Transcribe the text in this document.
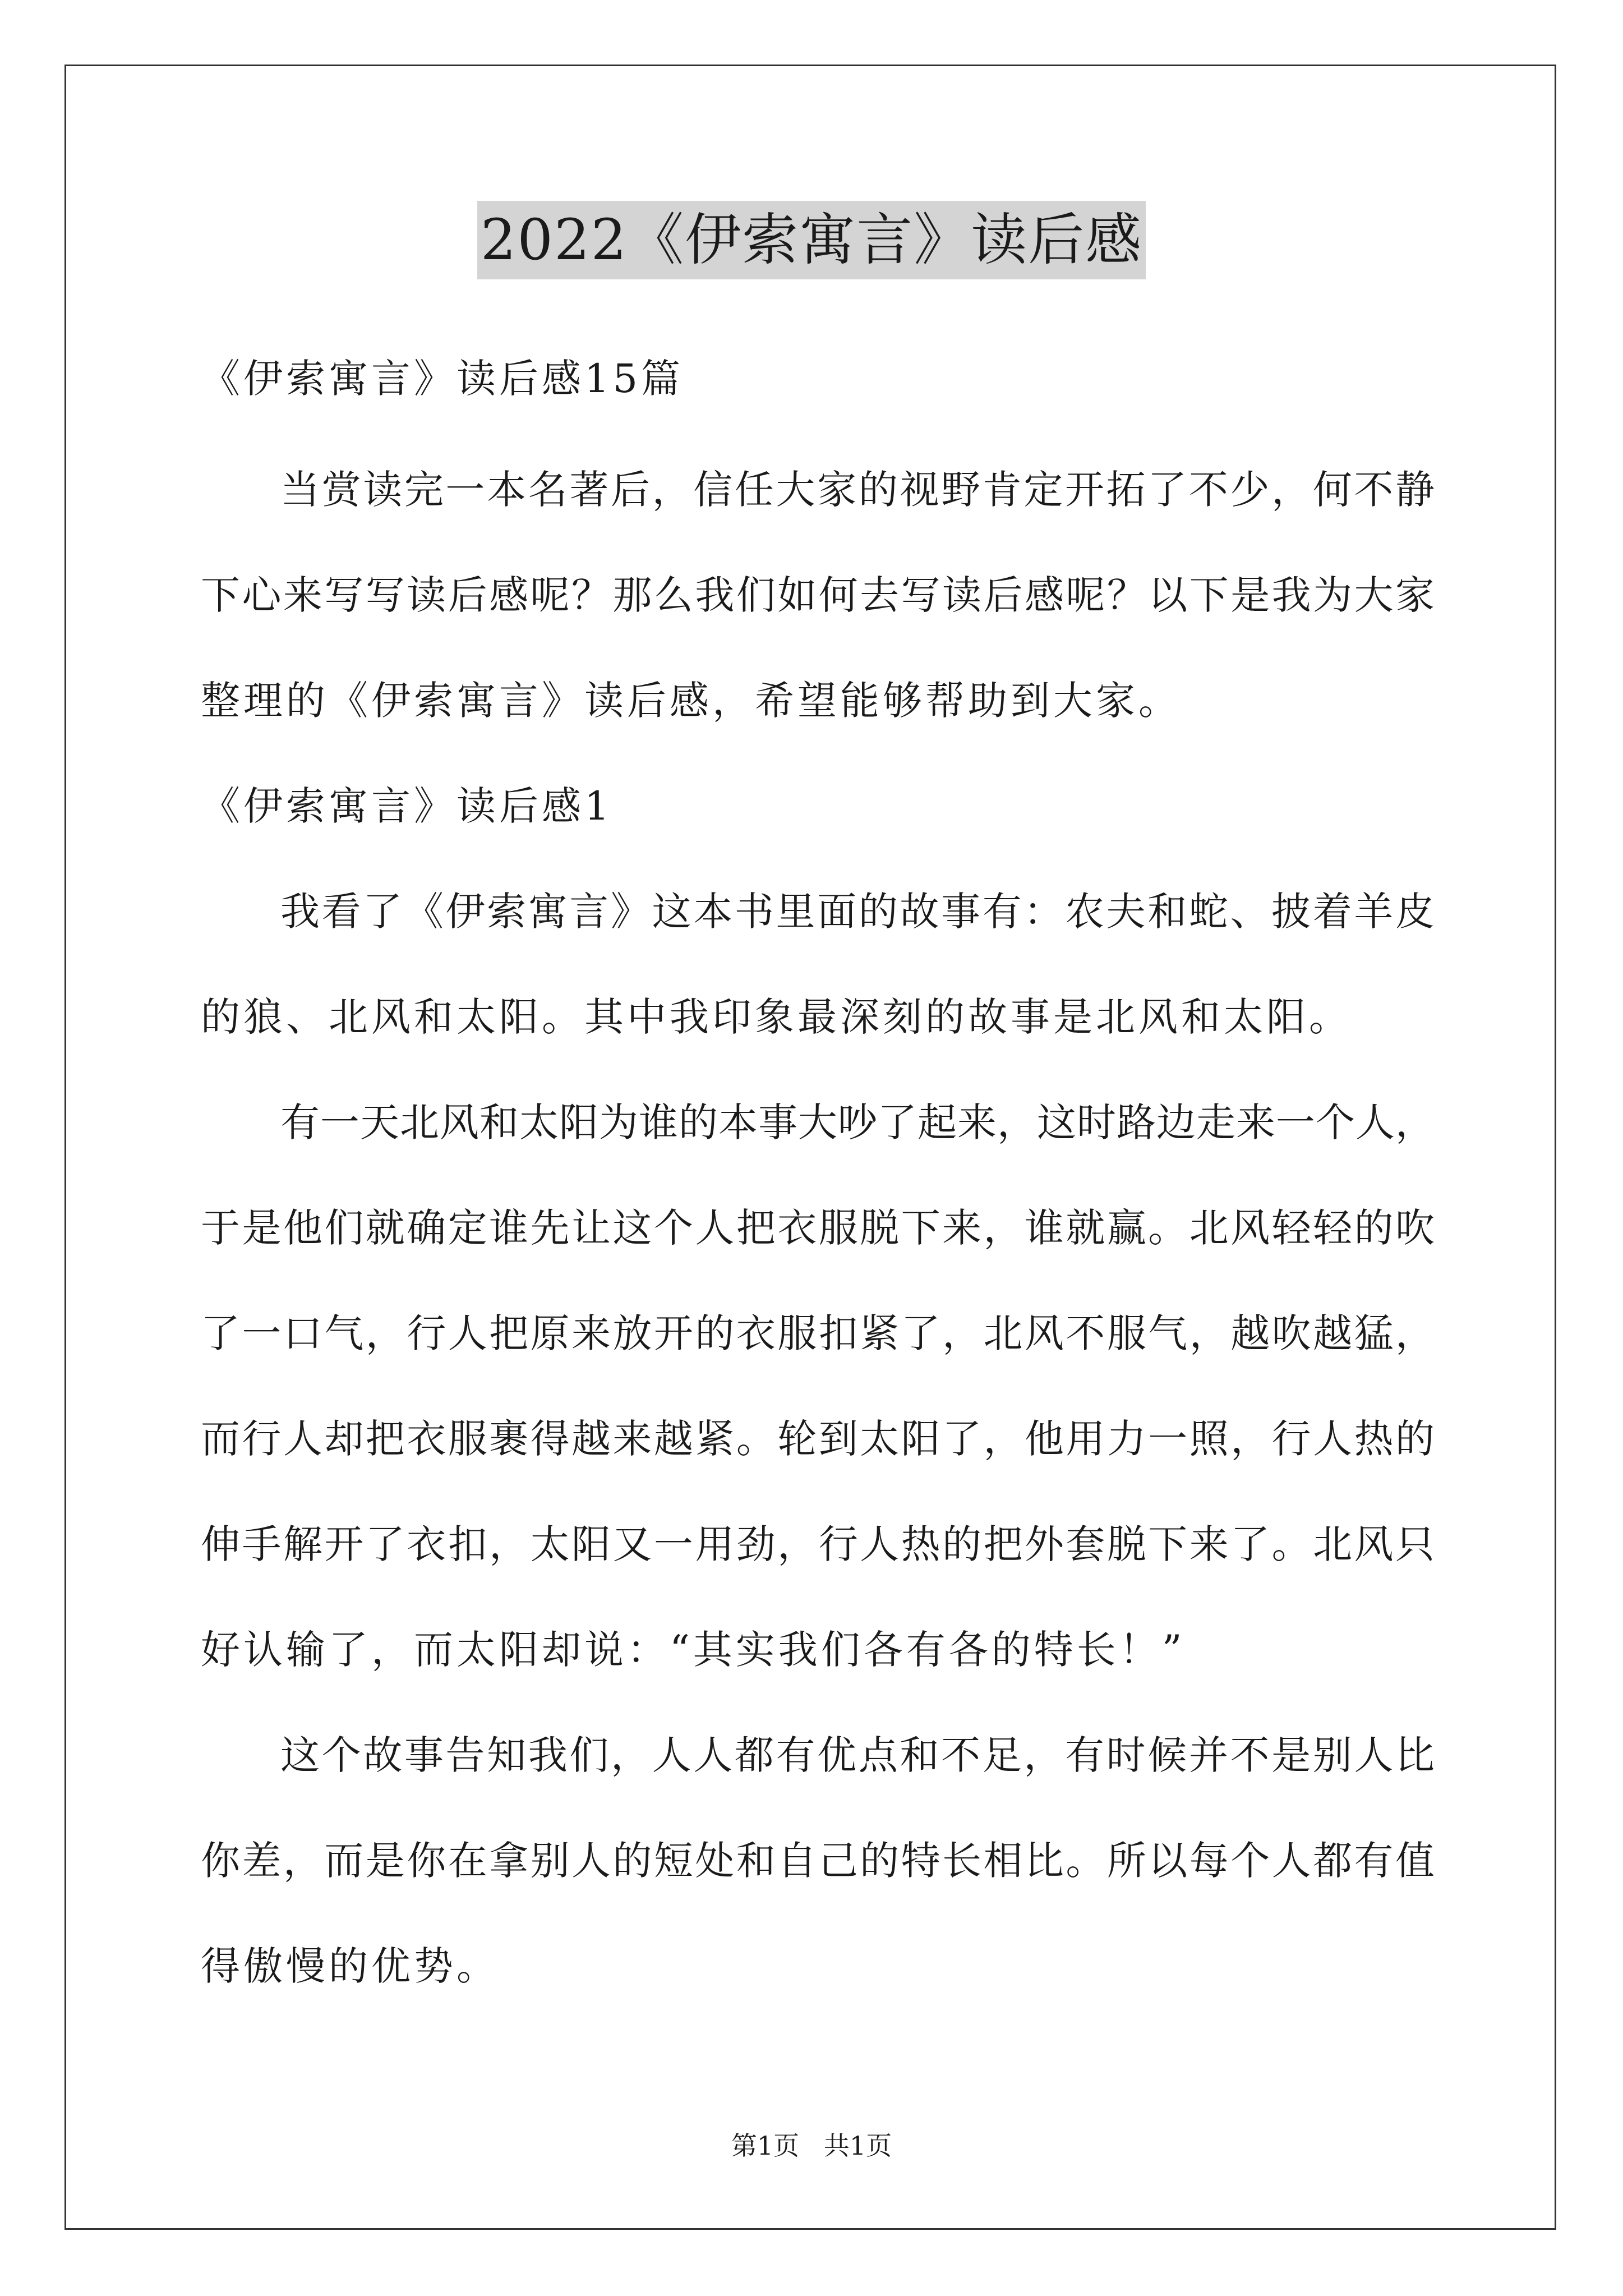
2022《伊索寓言》读后感
《伊索寓言》读后感15篇
当赏读完一本名著后，信任大家的视野肯定开拓了不少，何不静
下心来写写读后感呢？那么我们如何去写读后感呢？以下是我为大家
整理的《伊索寓言》读后感，希望能够帮助到大家。
《伊索寓言》读后感1
我看了《伊索寓言》这本书里面的故事有：农夫和蛇、披着羊皮
的狼、北风和太阳。其中我印象最深刻的故事是北风和太阳。
有一天北风和太阳为谁的本事大吵了起来，这时路边走来一个人，
于是他们就确定谁先让这个人把衣服脱下来，谁就赢。北风轻轻的吹
了一口气，行人把原来放开的衣服扣紧了，北风不服气，越吹越猛，
而行人却把衣服裹得越来越紧。轮到太阳了，他用力一照，行人热的
伸手解开了衣扣，太阳又一用劲，行人热的把外套脱下来了。北风只
好认输了，而太阳却说：“其实我们各有各的特长！”
这个故事告知我们，人人都有优点和不足，有时候并不是别人比
你差，而是你在拿别人的短处和自己的特长相比。所以每个人都有值
得傲慢的优势。
第1页   共1页
